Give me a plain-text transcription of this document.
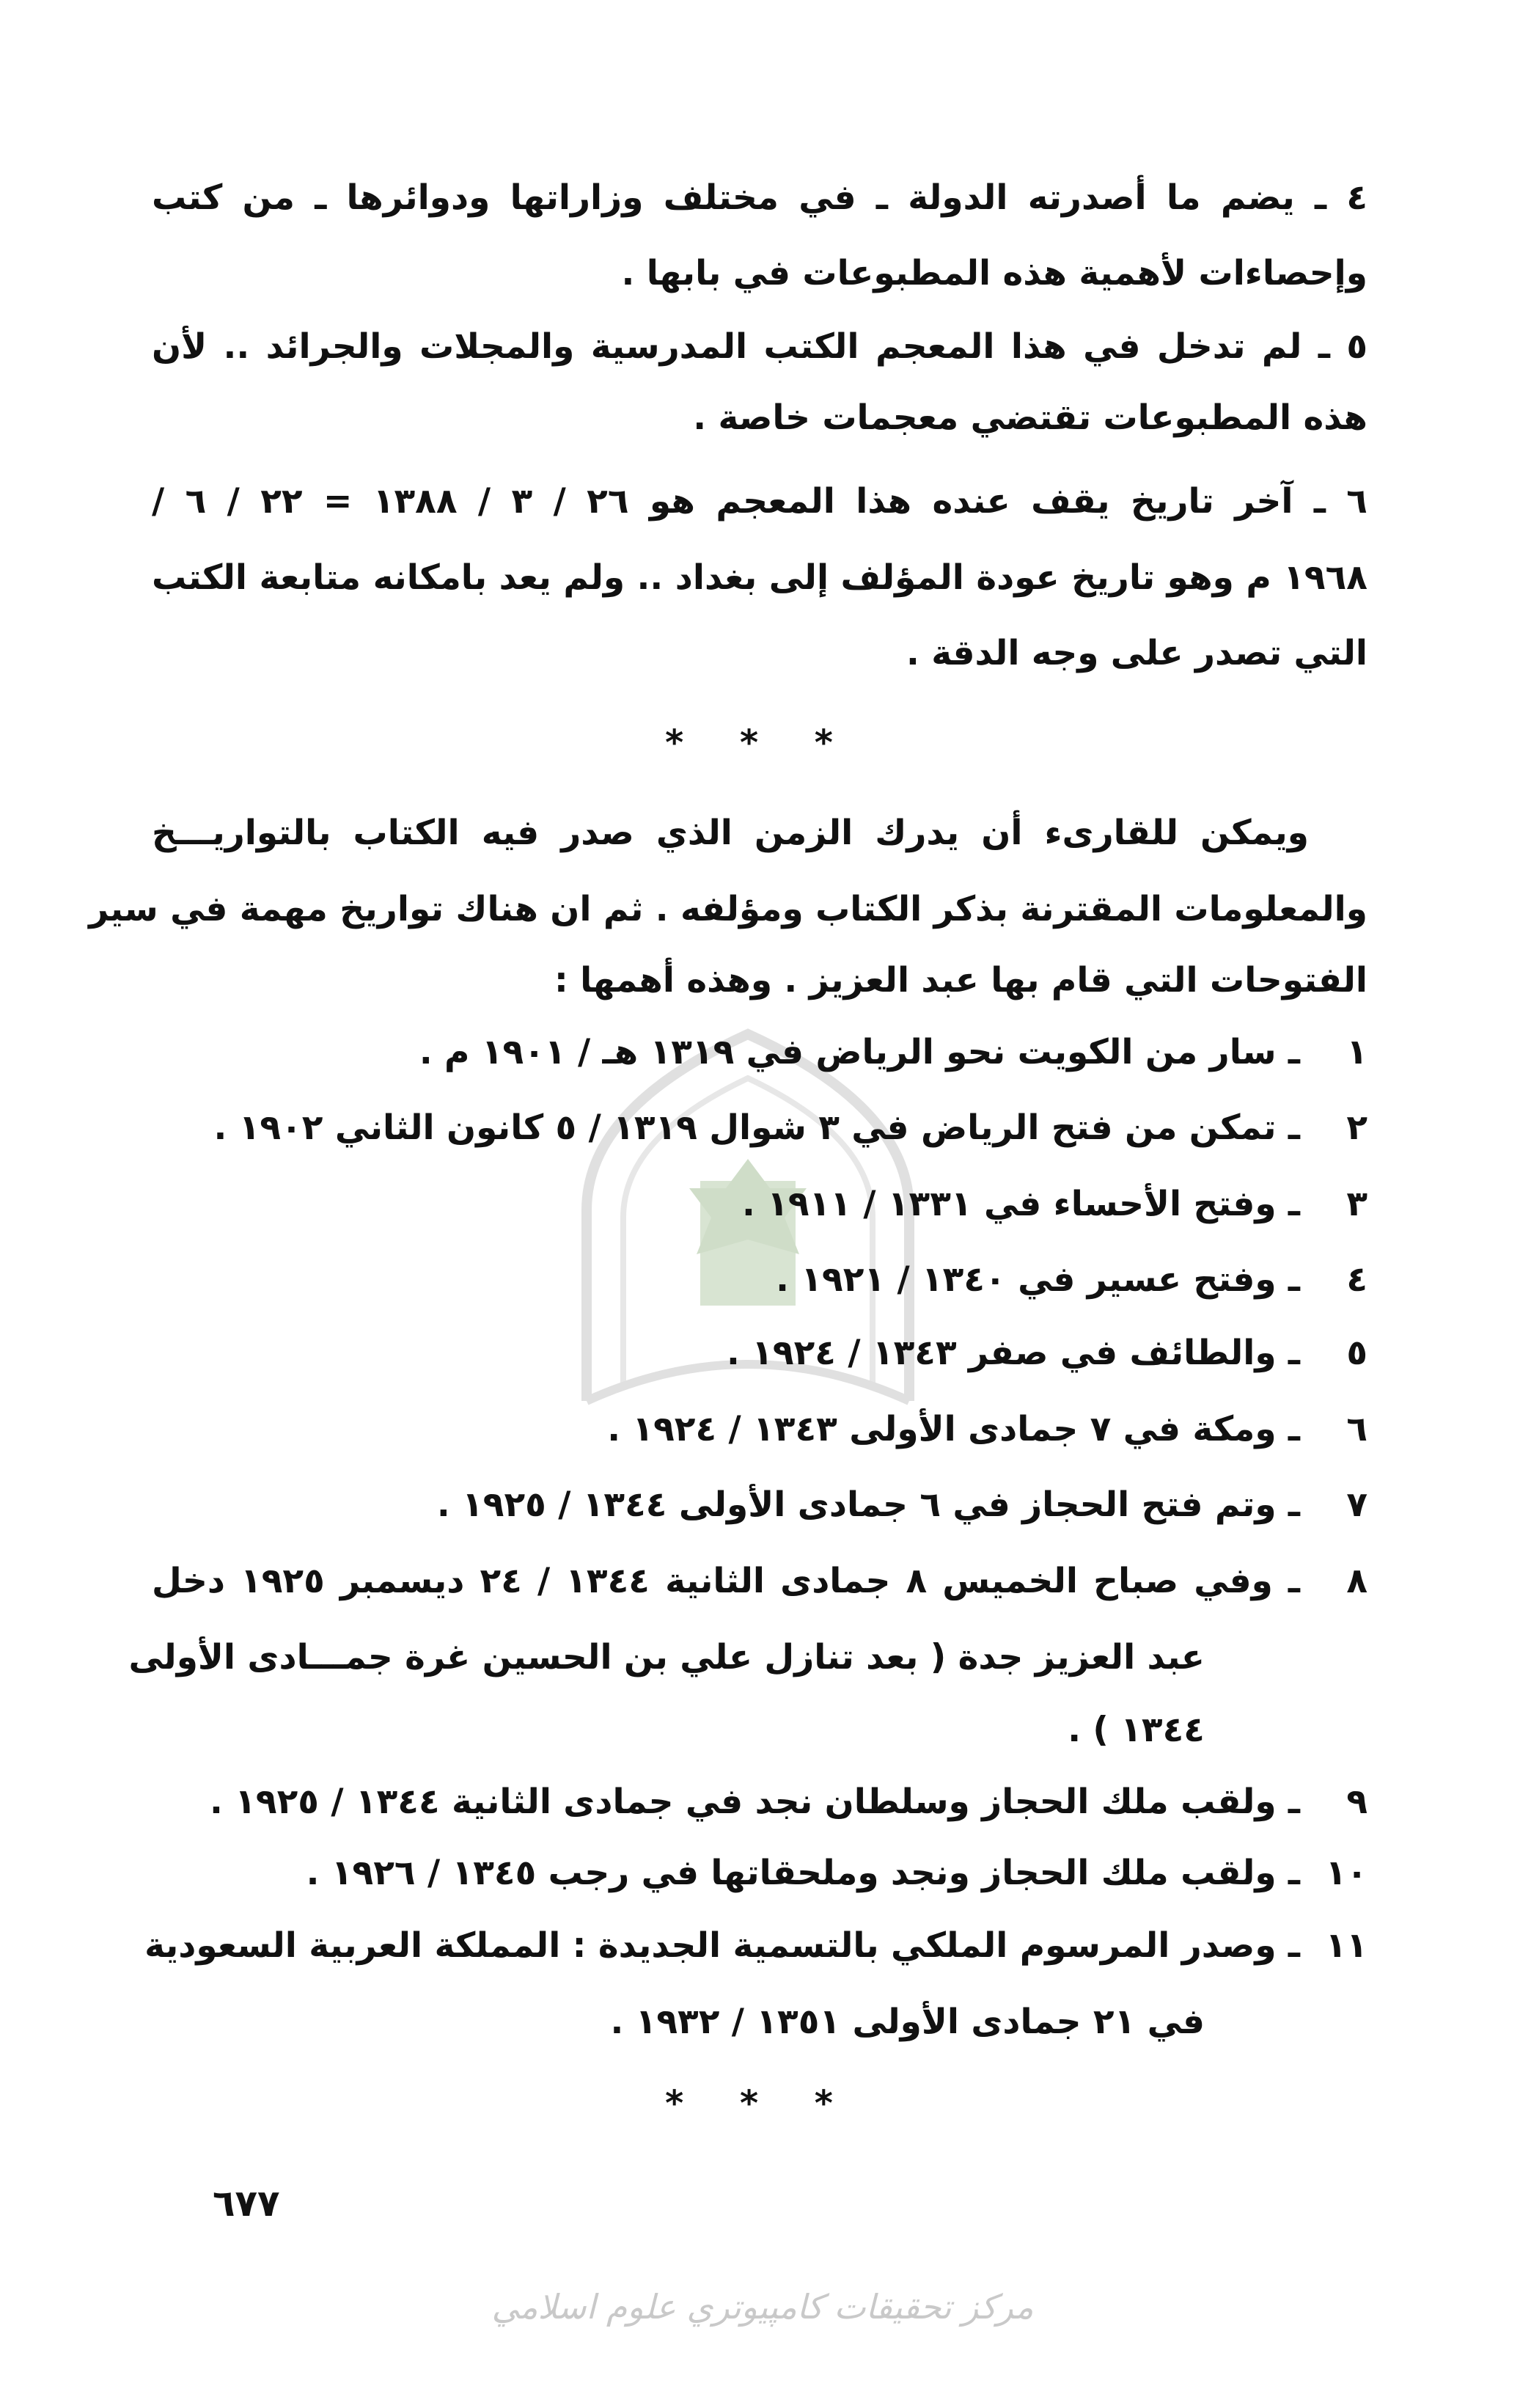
٤ ـ يضم ما أصدرته الدولة ـ في مختلف وزاراتها ودوائرها ـ من كتب
وإحصاءات لأهمية هذه المطبوعات في بابها .
٥ ـ لم تدخل في هذا المعجم الكتب المدرسية والمجلات والجرائد .. لأن
هذه المطبوعات تقتضي معجمات خاصة .
٦ ـ آخر تاريخ يقف عنده هذا المعجم هو ٢٦ / ٣ / ١٣٨٨ = ٢٢ / ٦ /
١٩٦٨ م وهو تاريخ عودة المؤلف إلى بغداد .. ولم يعد بامكانه متابعة الكتب
التي تصدر على وجه الدقة .
* * *
ويمكن للقارىء أن يدرك الزمن الذي صدر فيه الكتاب بالتواريـــخ
والمعلومات المقترنة بذكر الكتاب ومؤلفه . ثم ان هناك تواريخ مهمة في سير
الفتوحات التي قام بها عبد العزيز . وهذه أهمها :
١
ـ سار من الكويت نحو الرياض في ١٣١٩ هـ / ١٩٠١ م .
٢
ـ تمكن من فتح الرياض في ٣ شوال ١٣١٩ / ٥ كانون الثاني ١٩٠٢ .
٣
ـ وفتح الأحساء في ١٣٣١ / ١٩١١ .
٤
ـ وفتح عسير في ١٣٤٠ / ١٩٢١ .
٥
ـ والطائف في صفر ١٣٤٣ / ١٩٢٤ .
٦
ـ ومكة في ٧ جمادى الأولى ١٣٤٣ / ١٩٢٤ .
٧
ـ وتم فتح الحجاز في ٦ جمادى الأولى ١٣٤٤ / ١٩٢٥ .
٨
ـ وفي صباح الخميس ٨ جمادى الثانية ١٣٤٤ / ٢٤ ديسمبر ١٩٢٥ دخل
عبد العزيز جدة ( بعد تنازل علي بن الحسين غرة جمـــادى الأولى
١٣٤٤ ) .
٩
ـ ولقب ملك الحجاز وسلطان نجد في جمادى الثانية ١٣٤٤ / ١٩٢٥ .
١٠
ـ ولقب ملك الحجاز ونجد وملحقاتها في رجب ١٣٤٥ / ١٩٢٦ .
١١
ـ وصدر المرسوم الملكي بالتسمية الجديدة : المملكة العربية السعودية
في ٢١ جمادى الأولى ١٣٥١ / ١٩٣٢ .
* * *
٦٧٧
مركز تحقيقات كامپيوتري علوم اسلامي
